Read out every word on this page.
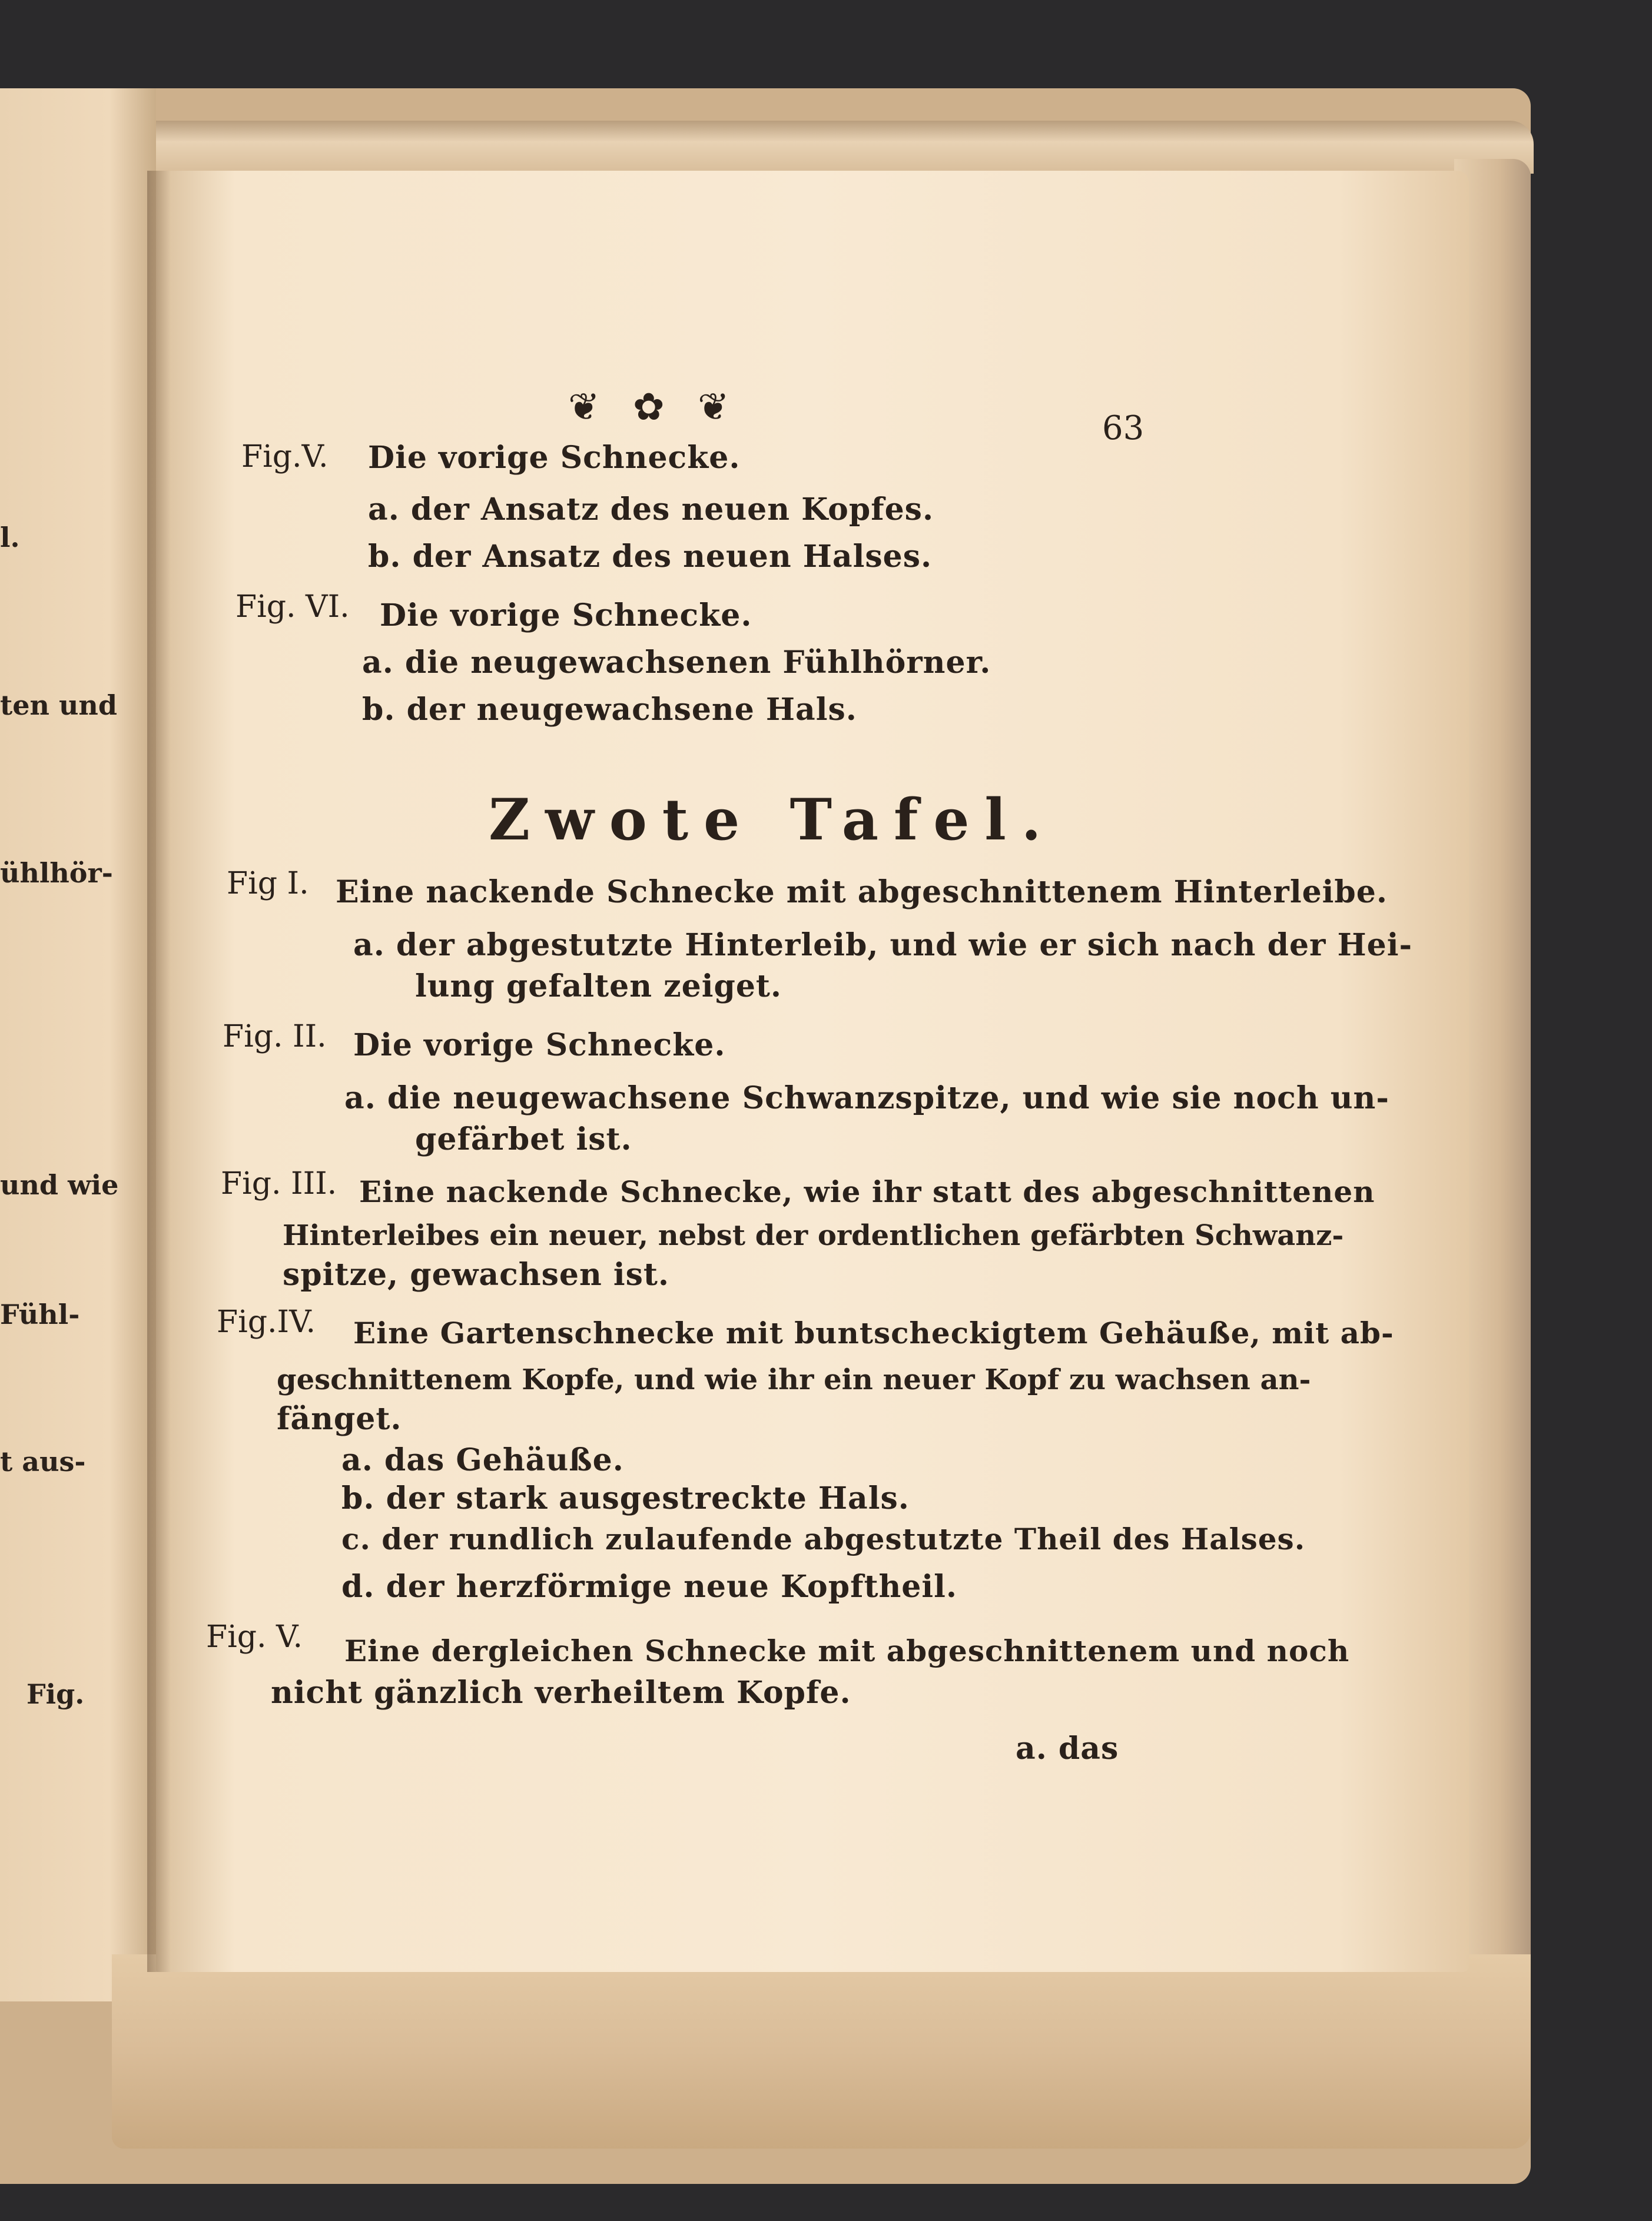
l.
ten und
ühlhör-
und wie
Fühl-
t aus-
Fig.
❦ ✿ ❦	63
Fig.V. Die vorige Schnecke.
a. der Ansatz des neuen Kopfes.
b. der Ansatz des neuen Halses.
Fig. VI. Die vorige Schnecke.
a. die neugewachsenen Fühlhörner.
b. der neugewachsene Hals.
Zwote Tafel.
Fig I. Eine nackende Schnecke mit abgeschnittenem Hinterleibe.
a. der abgestutzte Hinterleib, und wie er sich nach der Hei-
lung gefalten zeiget.
Fig. II. Die vorige Schnecke.
a. die neugewachsene Schwanzspitze, und wie sie noch un-
gefärbet ist.
Fig. III. Eine nackende Schnecke, wie ihr statt des abgeschnittenen
Hinterleibes ein neuer, nebst der ordentlichen gefärbten Schwanz-
spitze, gewachsen ist.
Fig.IV. Eine Gartenschnecke mit buntscheckigtem Gehäuße, mit ab-
geschnittenem Kopfe, und wie ihr ein neuer Kopf zu wachsen an-
fänget.
a. das Gehäuße.
b. der stark ausgestreckte Hals.
c. der rundlich zulaufende abgestutzte Theil des Halses.
d. der herzförmige neue Kopftheil.
Fig. V. Eine dergleichen Schnecke mit abgeschnittenem und noch
nicht gänzlich verheiltem Kopfe.
a. das
